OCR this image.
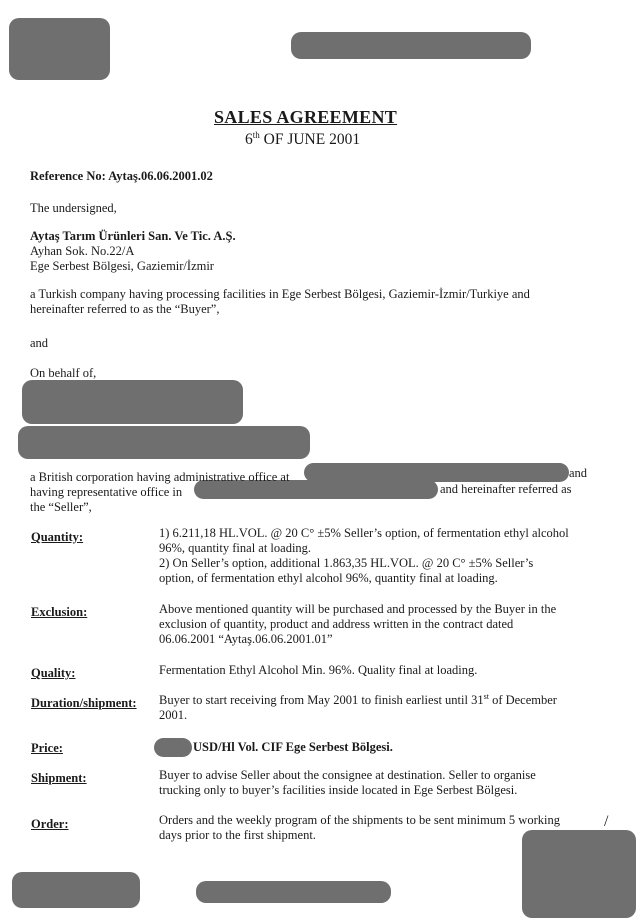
SALES AGREEMENT
6th OF JUNE 2001
Reference No: Aytaş.06.06.2001.02
The undersigned,
Aytaş Tarım Ürünleri San. Ve Tic. A.Ş.
Ayhan Sok. No.22/A
Ege Serbest Bölgesi, Gaziemir/İzmir
a Turkish company having processing facilities in Ege Serbest Bölgesi, Gaziemir-İzmir/Turkiye and
hereinafter referred to as the “Buyer”,
and
On behalf of,
a British corporation having administrative office at	and
having representative office in	and hereinafter referred as
the “Seller”,
Quantity:	1) 6.211,18 HL.VOL. @ 20 C° ±5% Seller’s option, of fermentation ethyl alcohol
96%, quantity final at loading.
2) On Seller’s option, additional 1.863,35 HL.VOL. @ 20 C° ±5% Seller’s
option, of fermentation ethyl alcohol 96%, quantity final at loading.
Exclusion:	Above mentioned quantity will be purchased and processed by the Buyer in the
exclusion of quantity, product and address written in the contract dated
06.06.2001 “Aytaş.06.06.2001.01”
Quality:	Fermentation Ethyl Alcohol Min. 96%. Quality final at loading.
Duration/shipment: Buyer to start receiving from May 2001 to finish earliest until 31st of December
2001.
Price:	USD/Hl Vol. CIF Ege Serbest Bölgesi.
Shipment:	Buyer to advise Seller about the consignee at destination. Seller to organise
trucking only to buyer’s facilities inside located in Ege Serbest Bölgesi.
Order:	Orders and the weekly program of the shipments to be sent minimum 5 working
days prior to the first shipment.
/
